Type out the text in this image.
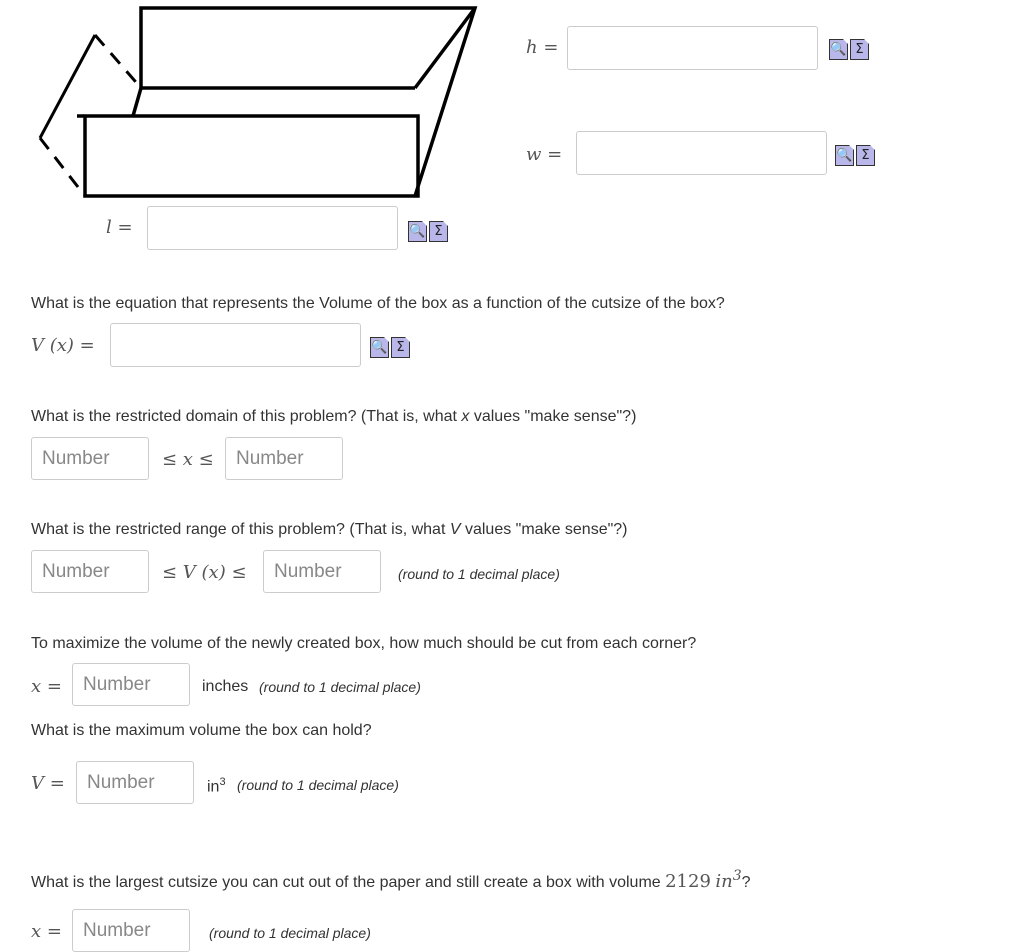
h =	🔍 Σ
w =	🔍 Σ
l =	🔍 Σ
What is the equation that represents the Volume of the box as a function of the cutsize of the box?
V (x) =	🔍 Σ
What is the restricted domain of this problem? (That is, what x values "make sense"?)
Number	≤ x ≤	Number
What is the restricted range of this problem? (That is, what V values "make sense"?)
Number	≤ V (x) ≤	Number	(round to 1 decimal place)
To maximize the volume of the newly created box, how much should be cut from each corner?
x =	Number	inches (round to 1 decimal place)
What is the maximum volume the box can hold?
V =	Number	$in^3$ (round to 1 decimal place)
What is the largest cutsize you can cut out of the paper and still create a box with volume 2129 $in^3$?
x =	Number	(round to 1 decimal place)
